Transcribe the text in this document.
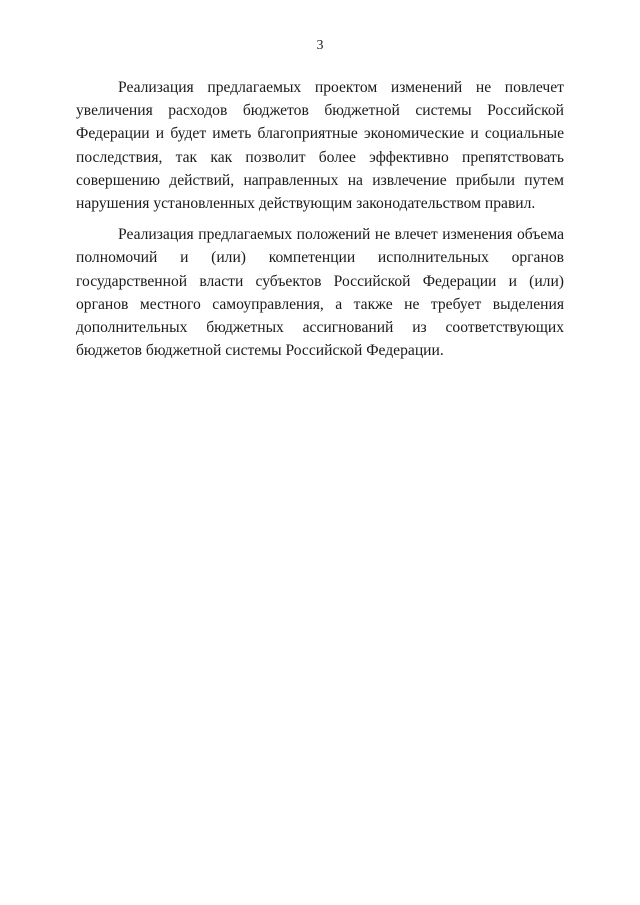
3

Реализация предлагаемых проектом изменений не повлечет увеличения расходов бюджетов бюджетной системы Российской Федерации и будет иметь благоприятные экономические и социальные последствия, так как позволит более эффективно препятствовать совершению действий, направленных на извлечение прибыли путем нарушения установленных действующим законодательством правил.

Реализация предлагаемых положений не влечет изменения объема полномочий и (или) компетенции исполнительных органов государственной власти субъектов Российской Федерации и (или) органов местного самоуправления, а также не требует выделения дополнительных бюджетных ассигнований из соответствующих бюджетов бюджетной системы Российской Федерации.
